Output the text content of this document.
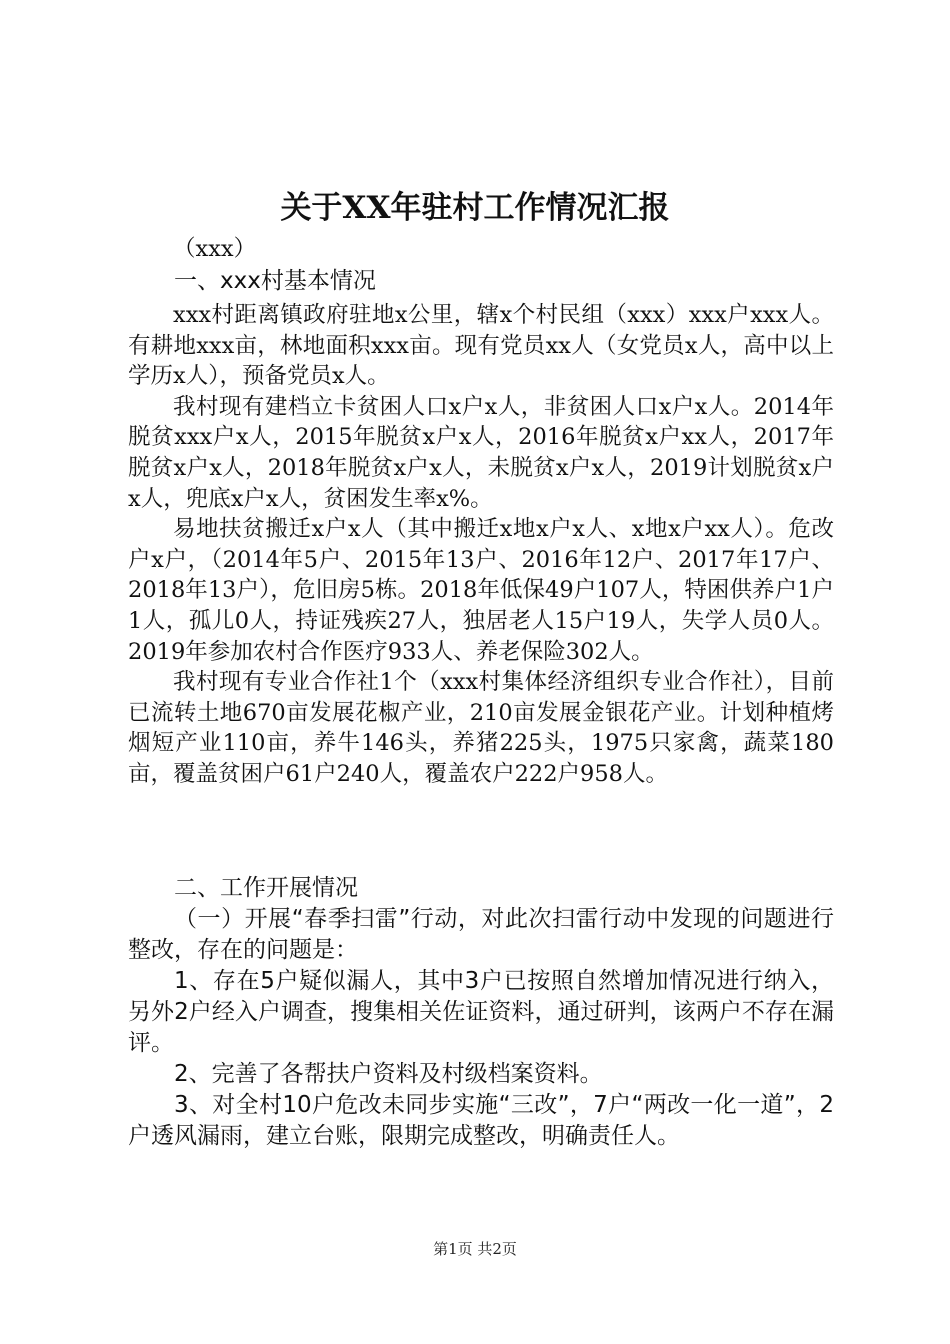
关于XX年驻村工作情况汇报

（xxx）

一、xxx村基本情况

xxx村距离镇政府驻地x公里，辖x个村民组（xxx）xxx户xxx人。有耕地xxx亩，林地面积xxx亩。现有党员xx人（女党员x人，高中以上学历x人），预备党员x人。

我村现有建档立卡贫困人口x户x人，非贫困人口x户x人。2014年脱贫xxx户x人，2015年脱贫x户x人，2016年脱贫x户xx人，2017年脱贫x户x人，2018年脱贫x户x人，未脱贫x户x人，2019计划脱贫x户x人，兜底x户x人，贫困发生率x%。

易地扶贫搬迁x户x人（其中搬迁x地x户x人、x地x户xx人）。危改户x户，（2014年5户、2015年13户、2016年12户、2017年17户、2018年13户），危旧房5栋。2018年低保49户107人，特困供养户1户1人，孤儿0人，持证残疾27人，独居老人15户19人，失学人员0人。2019年参加农村合作医疗933人、养老保险302人。

我村现有专业合作社1个（xxx村集体经济组织专业合作社），目前已流转土地670亩发展花椒产业，210亩发展金银花产业。计划种植烤烟短产业110亩，养牛146头，养猪225头，1975只家禽，蔬菜180亩，覆盖贫困户61户240人，覆盖农户222户958人。

二、工作开展情况

（一）开展“春季扫雷”行动，对此次扫雷行动中发现的问题进行整改，存在的问题是：

1、存在5户疑似漏人，其中3户已按照自然增加情况进行纳入，另外2户经入户调查，搜集相关佐证资料，通过研判，该两户不存在漏评。

2、完善了各帮扶户资料及村级档案资料。

3、对全村10户危改未同步实施“三改”，7户“两改一化一道”，2户透风漏雨，建立台账，限期完成整改，明确责任人。

第1页 共2页
